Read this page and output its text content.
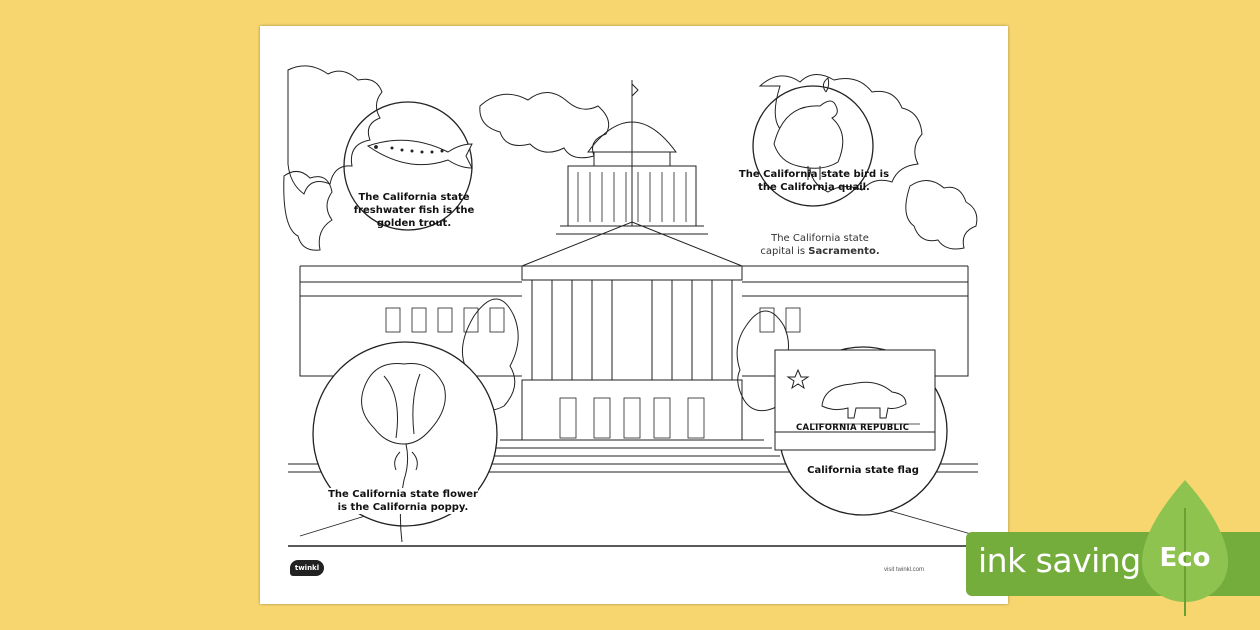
The California state
freshwater fish is the
golden trout.
The California state bird is
the California quail.
The California state
capital is Sacramento.
The California state flower
is the California poppy.
CALIFORNIA REPUBLIC
California state flag
twinkl	visit twinkl.com ink saving Eco
